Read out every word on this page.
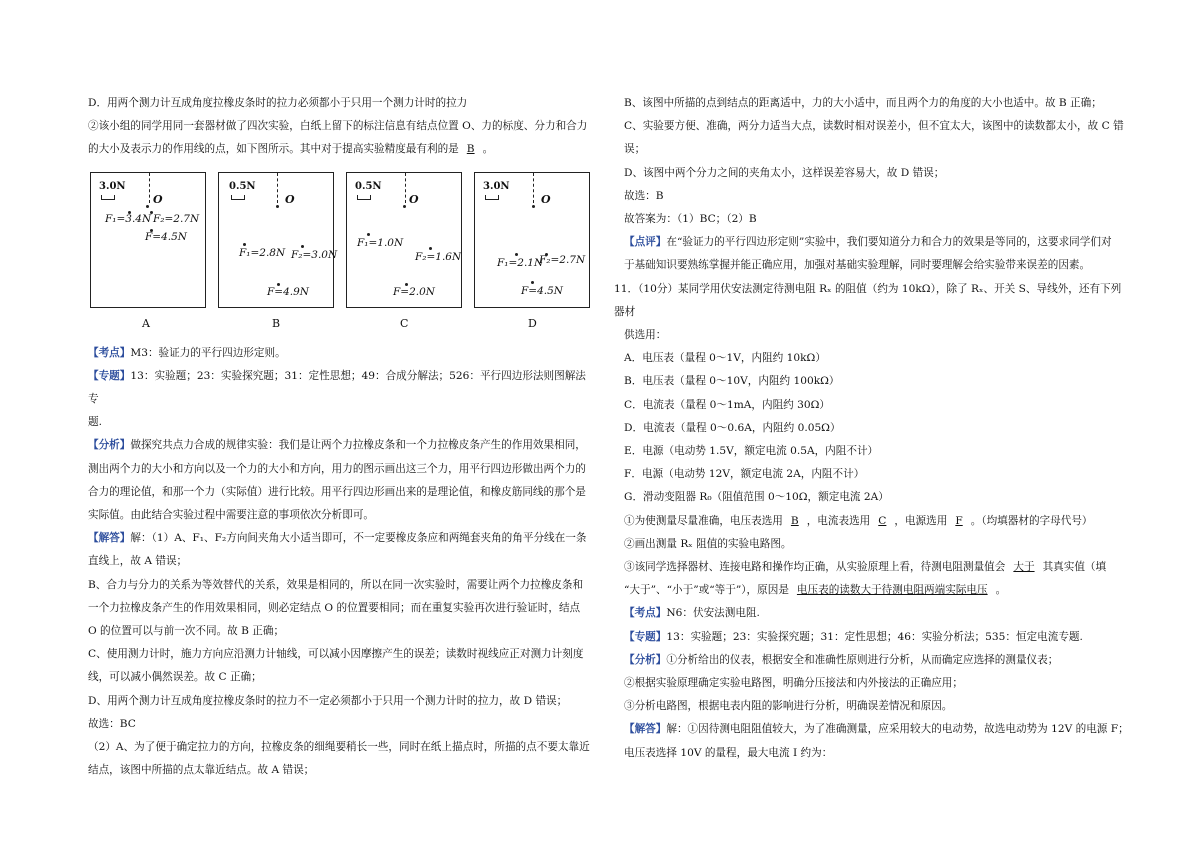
D．用两个测力计互成角度拉橡皮条时的拉力必须都小于只用一个测力计时的拉力

②该小组的同学用同一套器材做了四次实验，白纸上留下的标注信息有结点位置 O、力的标度、分力和合力

的大小及表示力的作用线的点，如下图所示。其中对于提高实验精度最有利的是 B 。

3.0N
O
F₁=3.4N F₂=2.7N
F=4.5N
0.5N
O
F₁=2.8N F₂=3.0N
F=4.9N
0.5N
O
F₁=1.0N
F₂=1.6N
F=2.0N
3.0N
O
F₁=2.1N
F₂=2.7N
F=4.5N
A	B	C	D

【考点】M3：验证力的平行四边形定则。

【专题】13：实验题；23：实验探究题；31：定性思想；49：合成分解法；526：平行四边形法则图解法专

题.

【分析】做探究共点力合成的规律实验：我们是让两个力拉橡皮条和一个力拉橡皮条产生的作用效果相同，

测出两个力的大小和方向以及一个力的大小和方向，用力的图示画出这三个力，用平行四边形做出两个力的

合力的理论值，和那一个力（实际值）进行比较。用平行四边形画出来的是理论值，和橡皮筋同线的那个是

实际值。由此结合实验过程中需要注意的事项依次分析即可。

【解答】解：（1）A、F₁、F₂方向间夹角大小适当即可，不一定要橡皮条应和两绳套夹角的角平分线在一条

直线上，故 A 错误；

B、合力与分力的关系为等效替代的关系，效果是相同的，所以在同一次实验时，需要让两个力拉橡皮条和

一个力拉橡皮条产生的作用效果相同，则必定结点 O 的位置要相同；而在重复实验再次进行验证时，结点

O 的位置可以与前一次不同。故 B 正确；

C、使用测力计时，施力方向应沿测力计轴线，可以减小因摩擦产生的误差；读数时视线应正对测力计刻度

线，可以减小偶然误差。故 C 正确；

D、用两个测力计互成角度拉橡皮条时的拉力不一定必须都小于只用一个测力计时的拉力，故 D 错误；

故选：BC

（2）A、为了便于确定拉力的方向，拉橡皮条的细绳要稍长一些，同时在纸上描点时，所描的点不要太靠近

结点，该图中所描的点太靠近结点。故 A 错误；

B、该图中所描的点到结点的距离适中，力的大小适中，而且两个力的角度的大小也适中。故 B 正确；

C、实验要方便、准确，两分力适当大点，读数时相对误差小，但不宜太大，该图中的读数都太小，故 C 错

误；

D、该图中两个分力之间的夹角太小，这样误差容易大，故 D 错误；

故选：B

故答案为：（1）BC；（2）B

【点评】在“验证力的平行四边形定则”实验中，我们要知道分力和合力的效果是等同的，这要求同学们对

于基础知识要熟练掌握并能正确应用，加强对基础实验理解，同时要理解会给实验带来误差的因素。

11．（10分）某同学用伏安法测定待测电阻 Rₓ 的阻值（约为 10kΩ），除了 Rₓ、开关 S、导线外，还有下列器材

供选用：

A．电压表（量程 0～1V，内阻约 10kΩ）

B．电压表（量程 0～10V，内阻约 100kΩ）

C．电流表（量程 0～1mA，内阻约 30Ω）

D．电流表（量程 0～0.6A，内阻约 0.05Ω）

E．电源（电动势 1.5V，额定电流 0.5A，内阻不计）

F．电源（电动势 12V，额定电流 2A，内阻不计）

G．滑动变阻器 R₀（阻值范围 0～10Ω，额定电流 2A）

①为使测量尽量准确，电压表选用 B ，电流表选用 C ，电源选用 F 。（均填器材的字母代号）

②画出测量 Rₓ 阻值的实验电路图。

③该同学选择器材、连接电路和操作均正确，从实验原理上看，待测电阻测量值会 大于 其真实值（填

“大于”、“小于”或“等于”），原因是 电压表的读数大于待测电阻两端实际电压 。

【考点】N6：伏安法测电阻.

【专题】13：实验题；23：实验探究题；31：定性思想；46：实验分析法；535：恒定电流专题.

【分析】①分析给出的仪表，根据安全和准确性原则进行分析，从而确定应选择的测量仪表；

②根据实验原理确定实验电路图，明确分压接法和内外接法的正确应用；

③分析电路图，根据电表内阻的影响进行分析，明确误差情况和原因。

【解答】解：①因待测电阻阻值较大，为了准确测量，应采用较大的电动势，故选电动势为 12V 的电源 F；

电压表选择 10V 的量程，最大电流 I 约为：
